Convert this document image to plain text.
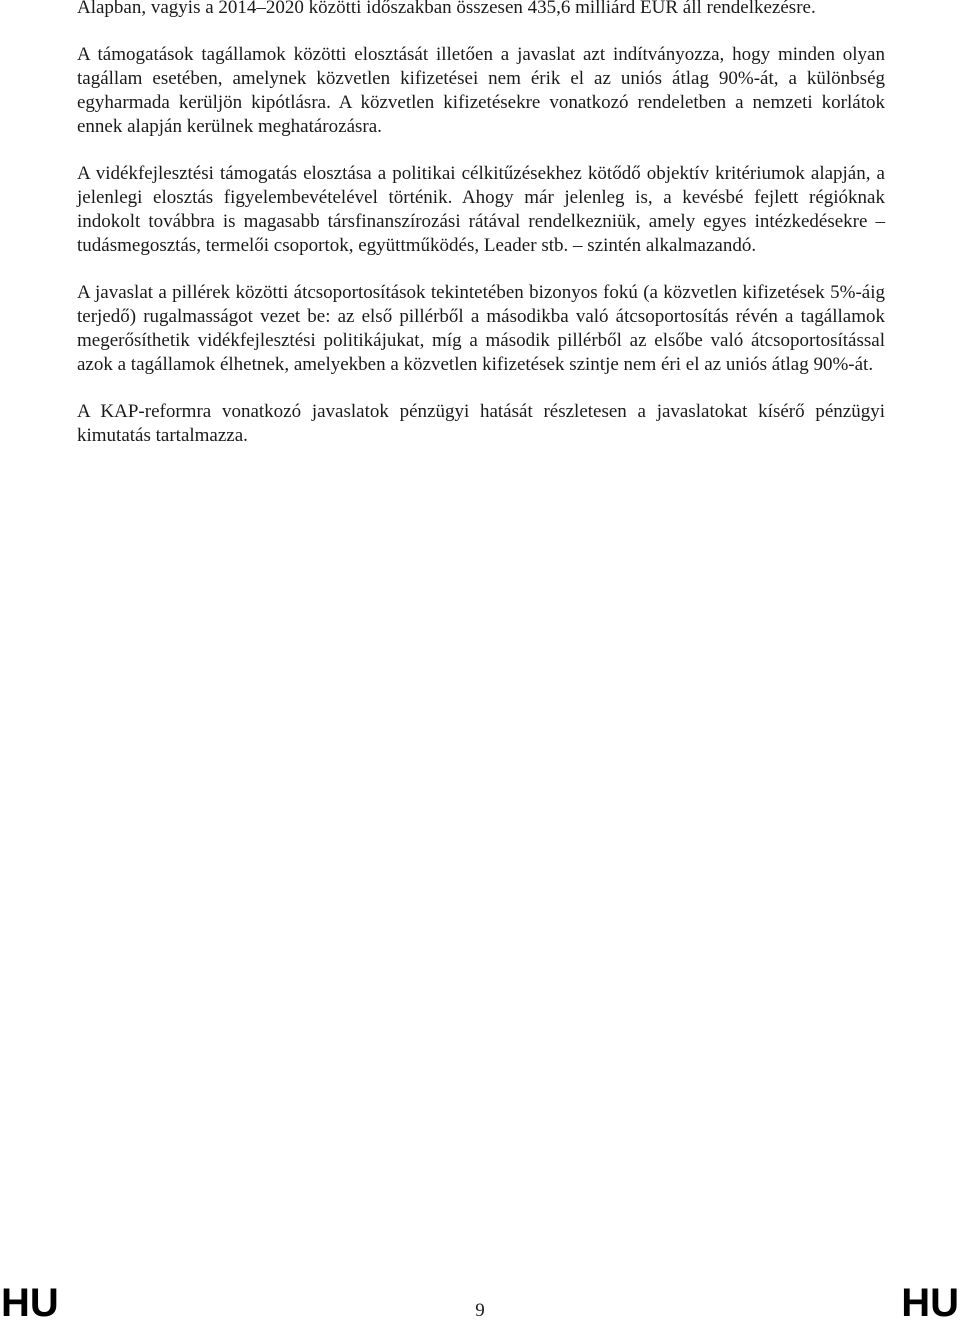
Alapban, vagyis a 2014–2020 közötti időszakban összesen 435,6 milliárd EUR áll rendelkezésre.

A támogatások tagállamok közötti elosztását illetően a javaslat azt indítványozza, hogy minden olyan tagállam esetében, amelynek közvetlen kifizetései nem érik el az uniós átlag 90%-át, a különbség egyharmada kerüljön kipótlásra. A közvetlen kifizetésekre vonatkozó rendeletben a nemzeti korlátok ennek alapján kerülnek meghatározásra.

A vidékfejlesztési támogatás elosztása a politikai célkitűzésekhez kötődő objektív kritériumok alapján, a jelenlegi elosztás figyelembevételével történik. Ahogy már jelenleg is, a kevésbé fejlett régióknak indokolt továbbra is magasabb társfinanszírozási rátával rendelkezniük, amely egyes intézkedésekre – tudásmegosztás, termelői csoportok, együttműködés, Leader stb. – szintén alkalmazandó.

A javaslat a pillérek közötti átcsoportosítások tekintetében bizonyos fokú (a közvetlen kifizetések 5%-áig terjedő) rugalmasságot vezet be: az első pillérből a másodikba való átcsoportosítás révén a tagállamok megerősíthetik vidékfejlesztési politikájukat, míg a második pillérből az elsőbe való átcsoportosítással azok a tagállamok élhetnek, amelyekben a közvetlen kifizetések szintje nem éri el az uniós átlag 90%-át.

A KAP-reformra vonatkozó javaslatok pénzügyi hatását részletesen a javaslatokat kísérő pénzügyi kimutatás tartalmazza.

HU	9	HU
